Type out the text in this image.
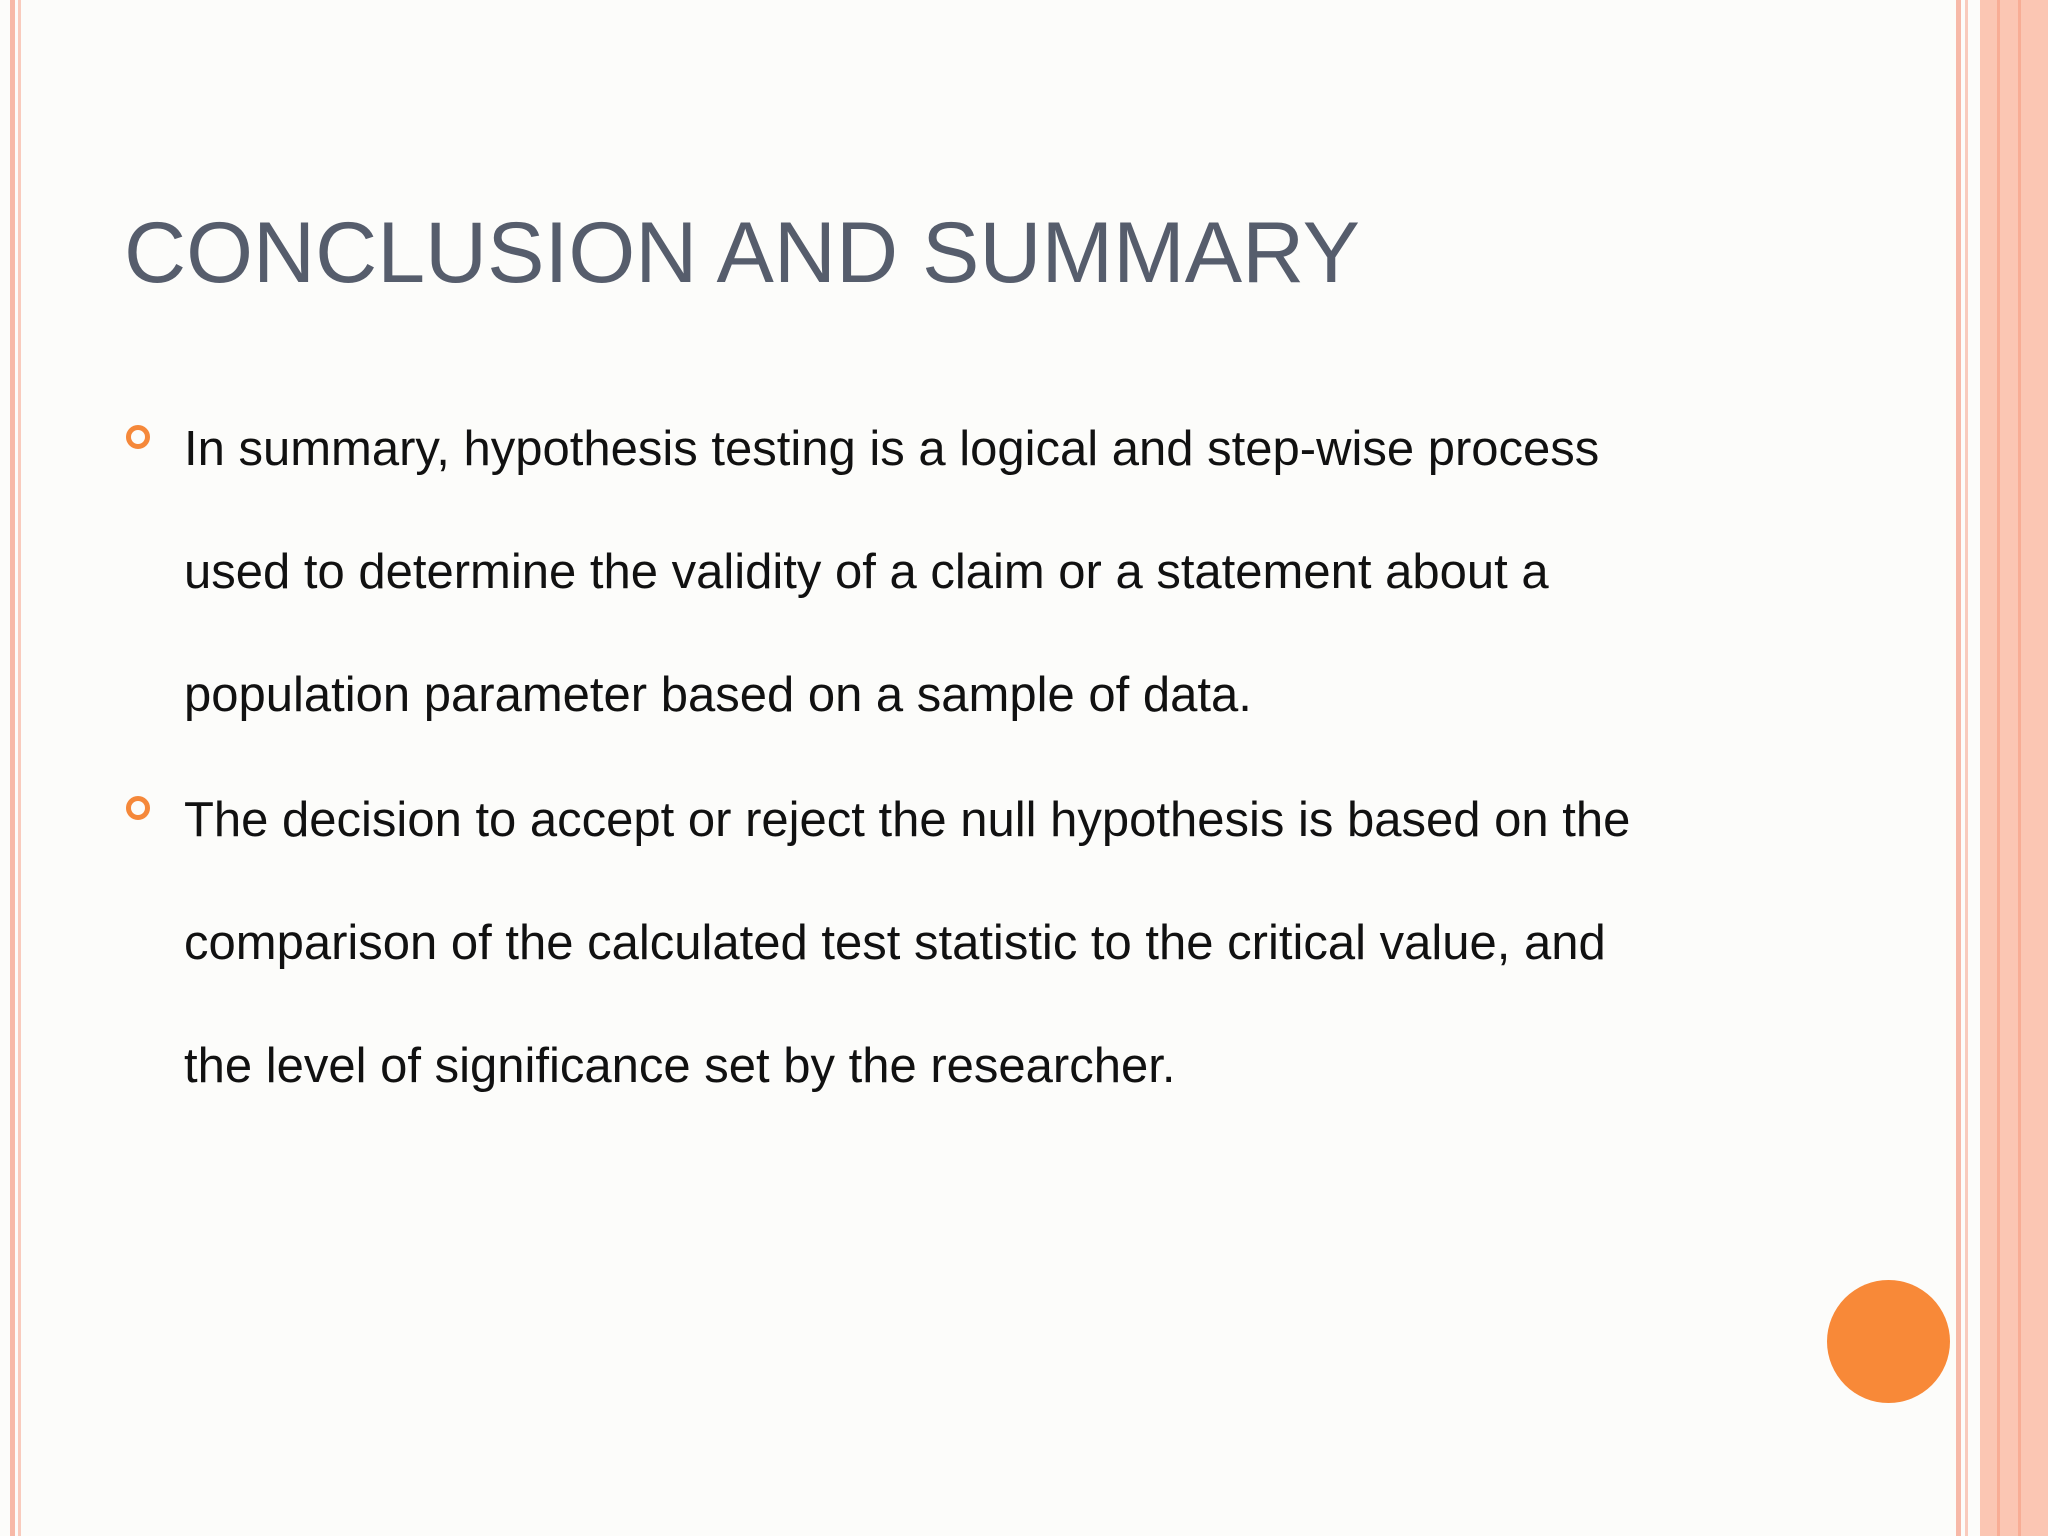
CONCLUSION AND SUMMARY
In summary, hypothesis testing is a logical and step-wise process
used to determine the validity of a claim or a statement about a
population parameter based on a sample of data.
The decision to accept or reject the null hypothesis is based on the
comparison of the calculated test statistic to the critical value, and
the level of significance set by the researcher.
